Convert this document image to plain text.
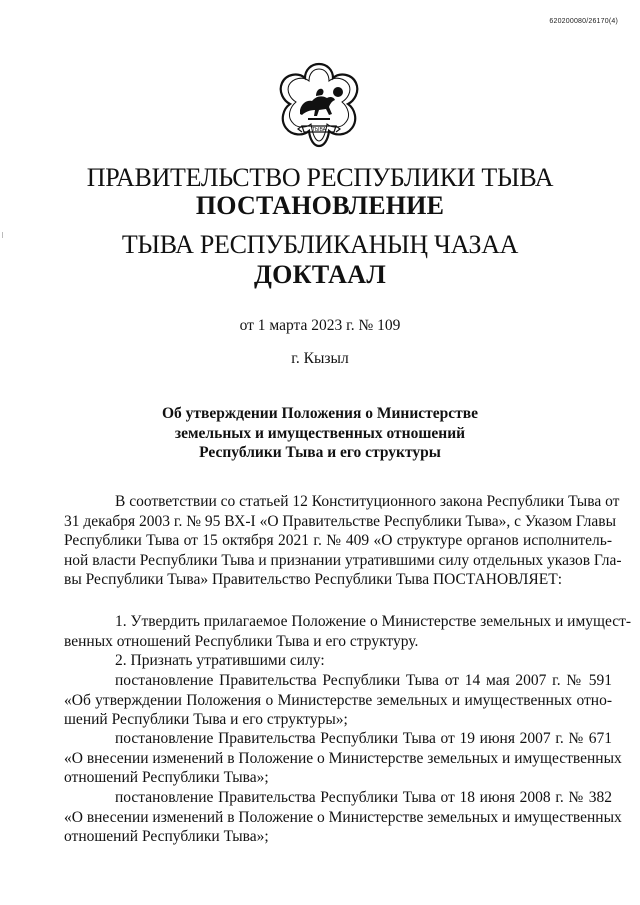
620200080/26170(4)
ТЫВА
ПРАВИТЕЛЬСТВО РЕСПУБЛИКИ ТЫВА
ПОСТАНОВЛЕНИЕ
ТЫВА РЕСПУБЛИКАНЫҢ ЧАЗАА
ДОКТААЛ
от 1 марта 2023 г. № 109
г. Кызыл
Об утверждении Положения о Министерстве
земельных и имущественных отношений
Республики Тыва и его структуры
В соответствии со статьей 12 Конституционного закона Республики Тыва от
31 декабря 2003 г. № 95 ВХ-I «О Правительстве Республики Тыва», с Указом Главы
Республики Тыва от 15 октября 2021 г. № 409 «О структуре органов исполнитель-
ной власти Республики Тыва и признании утратившими силу отдельных указов Гла-
вы Республики Тыва» Правительство Республики Тыва ПОСТАНОВЛЯЕТ:
1. Утвердить прилагаемое Положение о Министерстве земельных и имущест-
венных отношений Республики Тыва и его структуру.
2. Признать утратившими силу:
постановление Правительства Республики Тыва от 14 мая 2007 г. № 591
«Об утверждении Положения о Министерстве земельных и имущественных отно-
шений Республики Тыва и его структуры»;
постановление Правительства Республики Тыва от 19 июня 2007 г. № 671
«О внесении изменений в Положение о Министерстве земельных и имущественных
отношений Республики Тыва»;
постановление Правительства Республики Тыва от 18 июня 2008 г. № 382
«О внесении изменений в Положение о Министерстве земельных и имущественных
отношений Республики Тыва»;
